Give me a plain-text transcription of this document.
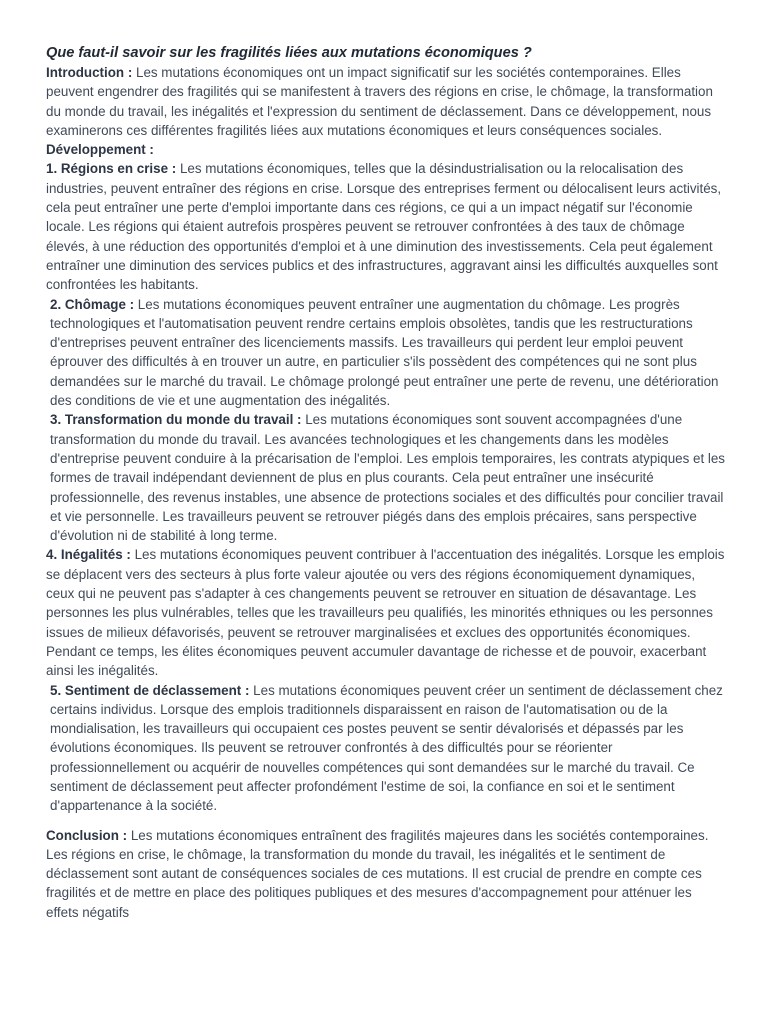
Que faut-il savoir sur les fragilités liées aux mutations économiques ?

Introduction : Les mutations économiques ont un impact significatif sur les sociétés contemporaines. Elles peuvent engendrer des fragilités qui se manifestent à travers des régions en crise, le chômage, la transformation du monde du travail, les inégalités et l'expression du sentiment de déclassement. Dans ce développement, nous examinerons ces différentes fragilités liées aux mutations économiques et leurs conséquences sociales.

Développement :

1. Régions en crise : Les mutations économiques, telles que la désindustrialisation ou la relocalisation des industries, peuvent entraîner des régions en crise. Lorsque des entreprises ferment ou délocalisent leurs activités, cela peut entraîner une perte d'emploi importante dans ces régions, ce qui a un impact négatif sur l'économie locale. Les régions qui étaient autrefois prospères peuvent se retrouver confrontées à des taux de chômage élevés, à une réduction des opportunités d'emploi et à une diminution des investissements. Cela peut également entraîner une diminution des services publics et des infrastructures, aggravant ainsi les difficultés auxquelles sont confrontées les habitants.

2. Chômage : Les mutations économiques peuvent entraîner une augmentation du chômage. Les progrès technologiques et l'automatisation peuvent rendre certains emplois obsolètes, tandis que les restructurations d'entreprises peuvent entraîner des licenciements massifs. Les travailleurs qui perdent leur emploi peuvent éprouver des difficultés à en trouver un autre, en particulier s'ils possèdent des compétences qui ne sont plus demandées sur le marché du travail. Le chômage prolongé peut entraîner une perte de revenu, une détérioration des conditions de vie et une augmentation des inégalités.

3. Transformation du monde du travail : Les mutations économiques sont souvent accompagnées d'une transformation du monde du travail. Les avancées technologiques et les changements dans les modèles d'entreprise peuvent conduire à la précarisation de l'emploi. Les emplois temporaires, les contrats atypiques et les formes de travail indépendant deviennent de plus en plus courants. Cela peut entraîner une insécurité professionnelle, des revenus instables, une absence de protections sociales et des difficultés pour concilier travail et vie personnelle. Les travailleurs peuvent se retrouver piégés dans des emplois précaires, sans perspective d'évolution ni de stabilité à long terme.

4. Inégalités : Les mutations économiques peuvent contribuer à l'accentuation des inégalités. Lorsque les emplois se déplacent vers des secteurs à plus forte valeur ajoutée ou vers des régions économiquement dynamiques, ceux qui ne peuvent pas s'adapter à ces changements peuvent se retrouver en situation de désavantage. Les personnes les plus vulnérables, telles que les travailleurs peu qualifiés, les minorités ethniques ou les personnes issues de milieux défavorisés, peuvent se retrouver marginalisées et exclues des opportunités économiques. Pendant ce temps, les élites économiques peuvent accumuler davantage de richesse et de pouvoir, exacerbant ainsi les inégalités.

5. Sentiment de déclassement : Les mutations économiques peuvent créer un sentiment de déclassement chez certains individus. Lorsque des emplois traditionnels disparaissent en raison de l'automatisation ou de la mondialisation, les travailleurs qui occupaient ces postes peuvent se sentir dévalorisés et dépassés par les évolutions économiques. Ils peuvent se retrouver confrontés à des difficultés pour se réorienter professionnellement ou acquérir de nouvelles compétences qui sont demandées sur le marché du travail. Ce sentiment de déclassement peut affecter profondément l'estime de soi, la confiance en soi et le sentiment d'appartenance à la société.

Conclusion : Les mutations économiques entraînent des fragilités majeures dans les sociétés contemporaines. Les régions en crise, le chômage, la transformation du monde du travail, les inégalités et le sentiment de déclassement sont autant de conséquences sociales de ces mutations. Il est crucial de prendre en compte ces fragilités et de mettre en place des politiques publiques et des mesures d'accompagnement pour atténuer les effets négatifs
